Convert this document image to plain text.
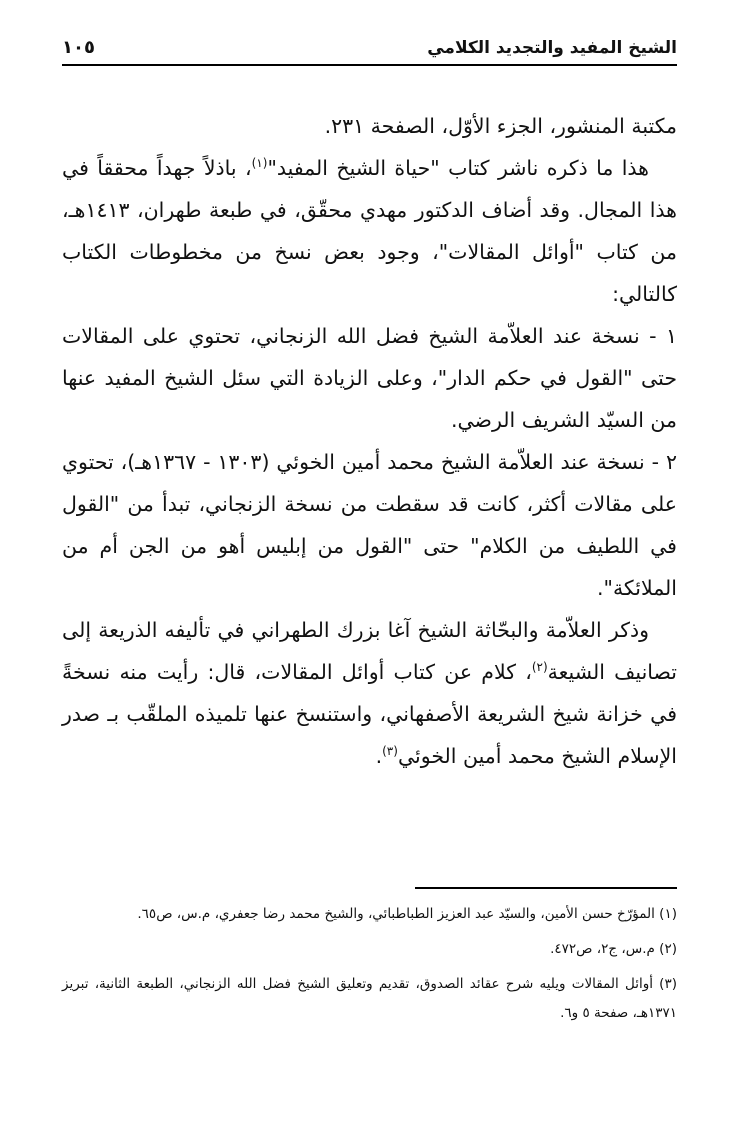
الشيخ المفيد والتجديد الكلامي
١٠٥

مكتبة المنشور، الجزء الأوّل، الصفحة ٢٣١.

هذا ما ذكره ناشر كتاب "حياة الشيخ المفيد"$^{(١)}$، باذلاً جهداً محققاً في هذا المجال. وقد أضاف الدكتور مهدي محقّق، في طبعة طهران، ١٤١٣هـ، من كتاب "أوائل المقالات"، وجود بعض نسخ من مخطوطات الكتاب كالتالي:

١ - نسخة عند العلاّمة الشيخ فضل الله الزنجاني، تحتوي على المقالات حتى "القول في حكم الدار"، وعلى الزيادة التي سئل الشيخ المفيد عنها من السيّد الشريف الرضي.

٢ - نسخة عند العلاّمة الشيخ محمد أمين الخوئي (١٣٠٣ - ١٣٦٧هـ)، تحتوي على مقالات أكثر، كانت قد سقطت من نسخة الزنجاني، تبدأ من "القول في اللطيف من الكلام" حتى "القول من إبليس أهو من الجن أم من الملائكة".

وذكر العلاّمة والبحّاثة الشيخ آغا بزرك الطهراني في تأليفه الذريعة إلى تصانيف الشيعة$^{(٢)}$، كلام عن كتاب أوائل المقالات، قال: رأيت منه نسخةً في خزانة شيخ الشريعة الأصفهاني، واستنسخ عنها تلميذه الملقّب بـ صدر الإسلام الشيخ محمد أمين الخوئي$^{(٣)}$.

(١) المؤرّخ حسن الأمين، والسيّد عبد العزيز الطباطبائي، والشيخ محمد رضا جعفري، م.س، ص٦٥.

(٢) م.س، ج٢، ص٤٧٢.

(٣) أوائل المقالات ويليه شرح عقائد الصدوق، تقديم وتعليق الشيخ فضل الله الزنجاني، الطبعة الثانية، تبريز ١٣٧١هـ، صفحة ٥ و٦.
